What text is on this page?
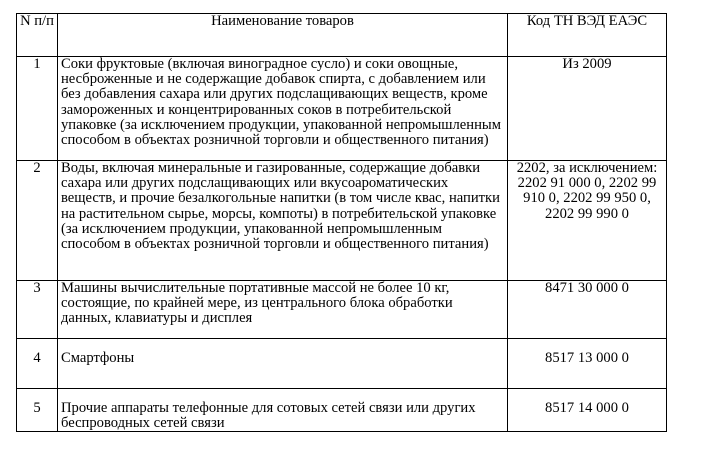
N п/п	Наименование товаров	Код ТН ВЭД ЕАЭС
1	Соки фруктовые (включая виноградное сусло) и соки овощные, несброженные и не содержащие добавок спирта, с добавлением или без добавления сахара или других подслащивающих веществ, кроме замороженных и концентрированных соков в потребительской упаковке (за исключением продукции, упакованной непромышленным способом в объектах розничной торговли и общественного питания)	Из 2009
2	Воды, включая минеральные и газированные, содержащие добавки сахара или других подслащивающих или вкусоароматических веществ, и прочие безалкогольные напитки (в том числе квас, напитки на растительном сырье, морсы, компоты) в потребительской упаковке (за исключением продукции, упакованной непромышленным способом в объектах розничной торговли и общественного питания)	2202, за исключением: 2202 91 000 0, 2202 99 910 0, 2202 99 950 0, 2202 99 990 0
3	Машины вычислительные портативные массой не более 10 кг, состоящие, по крайней мере, из центрального блока обработки данных, клавиатуры и дисплея	8471 30 000 0
4	Смартфоны	8517 13 000 0
5	Прочие аппараты телефонные для сотовых сетей связи или других беспроводных сетей связи	8517 14 000 0
